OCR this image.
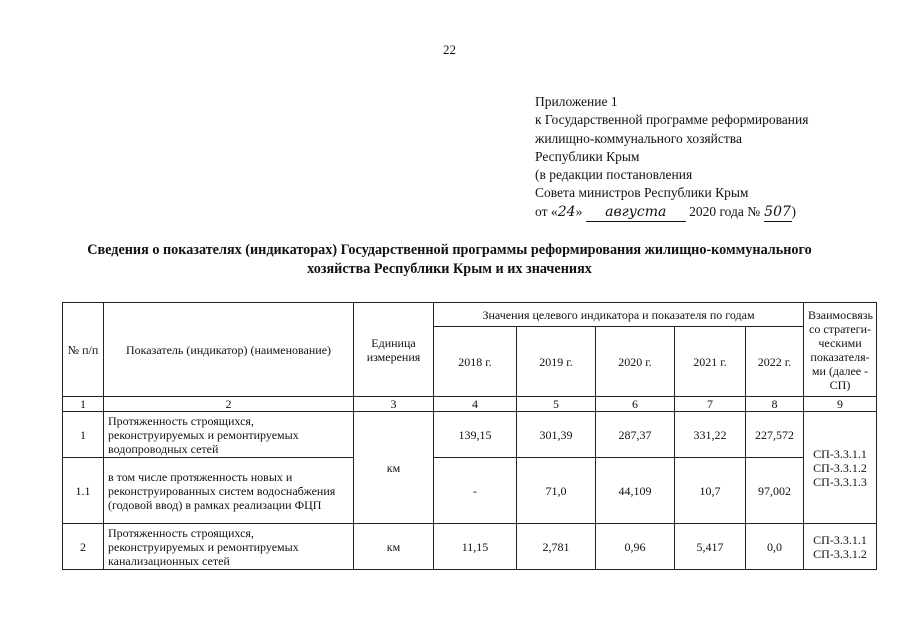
22
Приложение 1
к Государственной программе реформирования
жилищно-коммунального хозяйства
Республики Крым
(в редакции постановления
Совета министров Республики Крым
от «24» августа 2020 года № 507)
Сведения о показателях (индикаторах) Государственной программы реформирования жилищно-коммунального
хозяйства Республики Крым и их значениях
№ п/п	Показатель (индикатор) (наименование)	Единица измерения	Значения целевого индикатора и показателя по годам					Взаимосвязь со стратеги-ческими показателя-ми (далее - СП)
			2018 г.	2019 г.	2020 г.	2021 г.	2022 г.	
1	2	3	4	5	6	7	8	9
1	Протяженность строящихся, реконструируемых и ремонтируемых водопроводных сетей	км	139,15	301,39	287,37	331,22	227,572	СП-3.3.1.1
СП-3.3.1.2
СП-3.3.1.3

1.1	в том числе протяженность новых и реконструированных систем водоснабжения (годовой ввод) в рамках реализации ФЦП		-	71,0	44,109	10,7	97,002	
2	Протяженность строящихся, реконструируемых и ремонтируемых канализационных сетей	км	11,15	2,781	0,96	5,417	0,0	СП-3.3.1.1
СП-3.3.1.2
